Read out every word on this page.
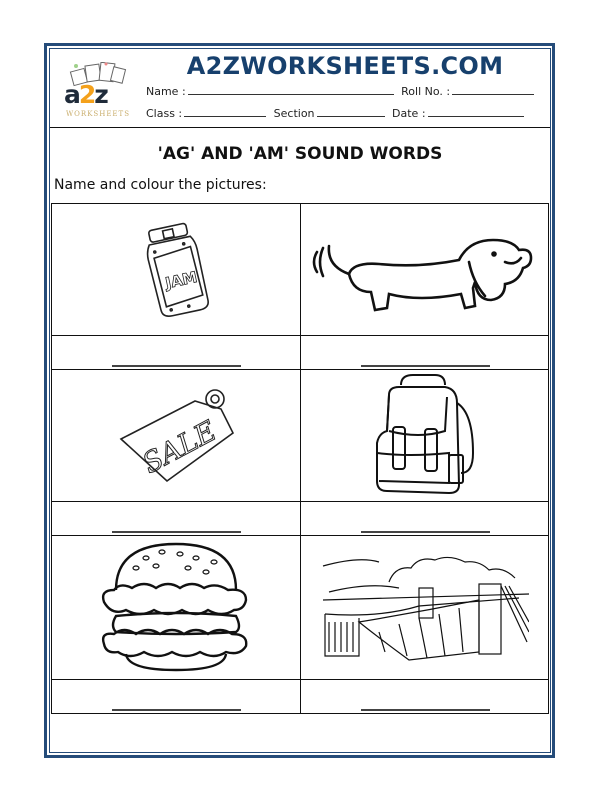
a2z
WORKSHEETS
A2ZWORKSHEETS.COM
Name :	Roll No. :
Class :	Section	Date :
'AG' AND 'AM' SOUND WORDS
Name and colour the pictures:
JAM

SALE
